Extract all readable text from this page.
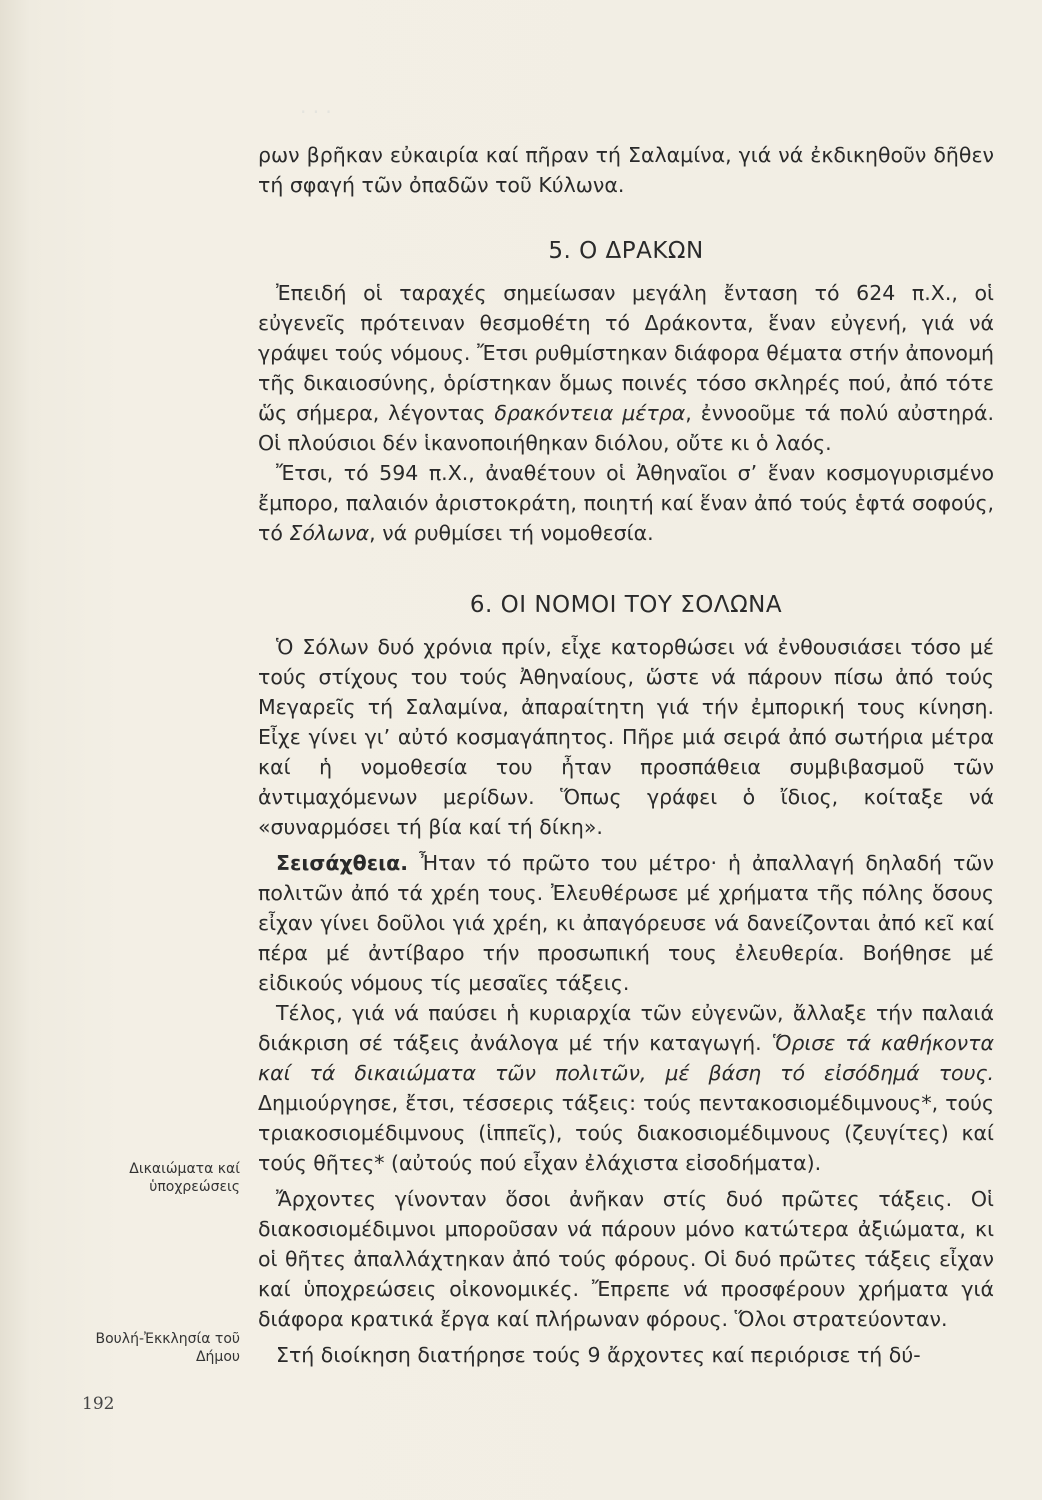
· · ·

ρων βρῆκαν εὐκαιρία καί πῆραν τή Σαλαμίνα, γιά νά ἐκδικηθοῦν δῆθεν τή σφαγή τῶν ὀπαδῶν τοῦ Κύλωνα.

5. Ο ΔΡΑΚΩΝ

Ἐπειδή οἱ ταραχές σημείωσαν μεγάλη ἔνταση τό 624 π.Χ., οἱ εὐγενεῖς πρότειναν θεσμοθέτη τό Δράκοντα, ἕναν εὐγενή, γιά νά γράψει τούς νόμους. Ἔτσι ρυθμίστηκαν διάφορα θέματα στήν ἀπονομή τῆς δικαιοσύνης, ὁρίστηκαν ὅμως ποινές τόσο σκληρές πού, ἀπό τότε ὥς σήμερα, λέγοντας δρακόντεια μέτρα, ἐννοοῦμε τά πολύ αὐστηρά. Οἱ πλούσιοι δέν ἱκανοποιήθηκαν διόλου, οὔτε κι ὁ λαός.

Ἔτσι, τό 594 π.Χ., ἀναθέτουν οἱ Ἀθηναῖοι σ’ ἕναν κοσμογυρισμένο ἔμπορο, παλαιόν ἀριστοκράτη, ποιητή καί ἕναν ἀπό τούς ἑφτά σοφούς, τό Σόλωνα, νά ρυθμίσει τή νομοθεσία.

6. ΟΙ ΝΟΜΟΙ ΤΟΥ ΣΟΛΩΝΑ

Ὁ Σόλων δυό χρόνια πρίν, εἶχε κατορθώσει νά ἐνθουσιάσει τόσο μέ τούς στίχους του τούς Ἀθηναίους, ὥστε νά πάρουν πίσω ἀπό τούς Μεγαρεῖς τή Σαλαμίνα, ἀπαραίτητη γιά τήν ἐμπορική τους κίνηση. Εἶχε γίνει γι’ αὐτό κοσμαγάπητος. Πῆρε μιά σειρά ἀπό σωτήρια μέτρα καί ἡ νομοθεσία του ἦταν προσπάθεια συμβιβασμοῦ τῶν ἀντιμαχόμενων μερίδων. Ὅπως γράφει ὁ ἴδιος, κοίταξε νά «συναρμόσει τή βία καί τή δίκη».

Σεισάχθεια. Ἦταν τό πρῶτο του μέτρο· ἡ ἀπαλλαγή δηλαδή τῶν πολιτῶν ἀπό τά χρέη τους. Ἐλευθέρωσε μέ χρήματα τῆς πόλης ὅσους εἶχαν γίνει δοῦλοι γιά χρέη, κι ἀπαγόρευσε νά δανείζονται ἀπό κεῖ καί πέρα μέ ἀντίβαρο τήν προσωπική τους ἐλευθερία. Βοήθησε μέ εἰδικούς νόμους τίς μεσαῖες τάξεις.

Τέλος, γιά νά παύσει ἡ κυριαρχία τῶν εὐγενῶν, ἄλλαξε τήν παλαιά διάκριση σέ τάξεις ἀνάλογα μέ τήν καταγωγή. Ὅρισε τά καθήκοντα καί τά δικαιώματα τῶν πολιτῶν, μέ βάση τό εἰσόδημά τους. Δημιούργησε, ἔτσι, τέσσερις τάξεις: τούς πεντακοσιομέδιμνους*, τούς τριακοσιομέδιμνους (ἱππεῖς), τούς διακοσιομέδιμνους (ζευγίτες) καί τούς θῆτες* (αὐτούς πού εἶχαν ἐλάχιστα εἰσοδήματα).

Ἄρχοντες γίνονταν ὅσοι ἀνῆκαν στίς δυό πρῶτες τάξεις. Οἱ διακοσιομέδιμνοι μποροῦσαν νά πάρουν μόνο κατώτερα ἀξιώματα, κι οἱ θῆτες ἀπαλλάχτηκαν ἀπό τούς φόρους. Οἱ δυό πρῶτες τάξεις εἶχαν καί ὑποχρεώσεις οἰκονομικές. Ἔπρεπε νά προσφέρουν χρήματα γιά διάφορα κρατικά ἔργα καί πλήρωναν φόρους. Ὅλοι στρατεύονταν.

Στή διοίκηση διατήρησε τούς 9 ἄρχοντες καί περιόρισε τή δύ-

Δικαιώματα καί ὑποχρεώσεις
Βουλή-Ἐκκλησία τοῦ Δήμου
192
